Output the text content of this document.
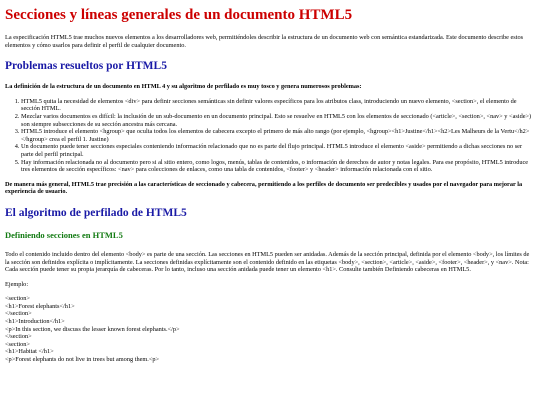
Secciones y líneas generales de un documento HTML5

La especificación HTML5 trae muchos nuevos elementos a los desarrolladores web, permitiéndoles describir la estructura de un documento web con semántica estandarizada. Este documento describe estos elementos y cómo usarlos para definir el perfil de cualquier documento.

Problemas resueltos por HTML5

La definición de la estructura de un documento en HTML 4 y su algoritmo de perfilado es muy tosco y genera numerosos problemas:

1. HTML5 quita la necesidad de elementos <div> para definir secciones semánticas sin definir valores específicos para los atributos class, introduciendo un nuevo elemento, <section>, el elemento de sección HTML.
2. Mezclar varios documentos es difícil: la inclusión de un sub-documento en un documento principal. Esto se resuelve en HTML5 con los elementos de seccionado (<article>, <section>, <nav> y <aside>) son siempre subsecciones de su sección ancestra más cercana.
3. HTML5 introduce el elemento <hgroup> que oculta todos los elementos de cabecera excepto el primero de más alto rango (por ejemplo, <hgroup><h1>Justine</h1><h2>Les Malheurs de la Vertu</h2></hgroup> crea el perfil 1. Justine)
4. Un documento puede tener secciones especiales conteniendo información relacionado que no es parte del flujo principal. HTML5 introduce el elemento <aside> permitiendo a dichas secciones no ser parte del perfil principal.
5. Hay información relacionada no al documento pero si al sitio entero, como logos, menús, tablas de contenidos, o información de derechos de autor y notas legales. Para ese propósito, HTML5 introduce tres elementos de sección específicos: <nav> para colecciones de enlaces, como una tabla de contenidos, <footer> y <header> información relacionada con el sitio.

De manera más general, HTML5 trae precisión a las características de seccionado y cabecera, permitiendo a los perfiles de documento ser predecibles y usados por el navegador para mejorar la experiencia de usuario.

El algoritmo de perfilado de HTML5
Definiendo secciones en HTML5

Todo el contenido incluido dentro del elemento <body> es parte de una sección. Las secciones en HTML5 pueden ser anidadas. Además de la sección principal, definida por el elemento <body>, los límites de la sección son definidos explícita o implícitamente. La secciones definidas explícitamente son el contenido definido en las etiquetas <body>, <section>, <article>, <aside>, <footer>, <header>, y <nav>. Nota: Cada sección puede tener su propia jerarquía de cabeceras. Por lo tanto, incluso una sección anidada puede tener un elemento <h1>. Consulte también Definiendo cabeceras en HTML5.

Ejemplo:

<section>
<h1>Forest elephants</h1>
</section>
<h1>Introduction</h1>
<p>In this section, we discuss the lesser known forest elephants.</p>
</section>
<section>
<h1>Habitat </h1>
<p>Forest elephants do not live in trees but among them.<p>
